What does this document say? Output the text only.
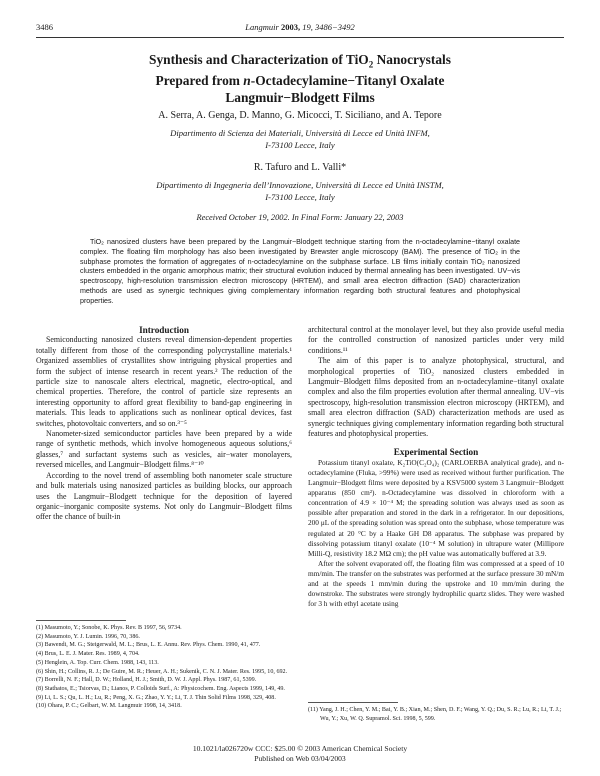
3486	Langmuir 2003, 19, 3486−3492
Synthesis and Characterization of TiO$_2$ Nanocrystals
Prepared from n-Octadecylamine−Titanyl Oxalate
Langmuir−Blodgett Films
A. Serra, A. Genga, D. Manno, G. Micocci, T. Siciliano, and A. Tepore
Dipartimento di Scienza dei Materiali, Università di Lecce ed Unità INFM,
I-73100 Lecce, Italy
R. Tafuro and L. Valli*
Dipartimento di Ingegneria dell’Innovazione, Università di Lecce ed Unità INSTM,
I-73100 Lecce, Italy
Received October 19, 2002. In Final Form: January 22, 2003
TiO₂ nanosized clusters have been prepared by the Langmuir−Blodgett technique starting from the n-octadecylamine−titanyl oxalate complex. The floating film morphology has also been investigated by Brewster angle microscopy (BAM). The presence of TiO₂ in the subphase promotes the formation of aggregates of n-octadecylamine on the subphase surface. LB films initially contain TiO₂ nanosized clusters embedded in the organic amorphous matrix; their structural evolution induced by thermal annealing has been investigated. UV−vis spectroscopy, high-resolution transmission electron microscopy (HRTEM), and small area electron diffraction (SAD) characterization methods are used as synergic techniques giving complementary information regarding both structural features and photophysical properties.

Introduction

Semiconducting nanosized clusters reveal dimension-dependent properties totally different from those of the corresponding polycrystalline materials.¹ Organized assemblies of crystallites show intriguing physical properties and form the subject of intense research in recent years.² The reduction of the particle size to nanoscale alters electrical, magnetic, electro-optical, and chemical properties. Therefore, the control of particle size represents an interesting opportunity to afford great flexibility to band-gap engineering in materials. This leads to applications such as nonlinear optical devices, fast switches, photovoltaic converters, and so on.³⁻⁵

Nanometer-sized semiconductor particles have been prepared by a wide range of synthetic methods, which involve homogeneous aqueous solutions,⁶ glasses,⁷ and surfactant systems such as vesicles, air−water monolayers, reversed micelles, and Langmuir−Blodgett films.⁸⁻¹⁰

According to the novel trend of assembling both nanometer scale structure and bulk materials using nanosized particles as building blocks, our approach uses the Langmuir−Blodgett technique for the deposition of layered organic−inorganic composite systems. Not only do Langmuir−Blodgett films offer the chance of built-in

architectural control at the monolayer level, but they also provide useful media for the controlled construction of nanosized particles under very mild conditions.¹¹

The aim of this paper is to analyze photophysical, structural, and morphological properties of TiO₂ nanosized clusters embedded in Langmuir−Blodgett films deposited from an n-octadecylamine−titanyl oxalate complex and also the film properties evolution after thermal annealing. UV−vis spectroscopy, high-resolution transmission electron microscopy (HRTEM), and small area electron diffraction (SAD) characterization methods are used as synergic techniques giving complementary information regarding both structural features and photophysical properties.

Experimental Section

Potassium titanyl oxalate, K₂TiO(C₂O₄)₂ (CARLOERBA analytical grade), and n-octadecylamine (Fluka, >99%) were used as received without further purification. The Langmuir−Blodgett films were deposited by a KSV5000 system 3 Langmuir−Blodgett apparatus (850 cm²). n-Octadecylamine was dissolved in chloroform with a concentration of 4.9 × 10⁻⁴ M; the spreading solution was always used as soon as possible after preparation and stored in the dark in a refrigerator. In our depositions, 200 μL of the spreading solution was spread onto the subphase, whose temperature was regulated at 20 °C by a Haake GH D8 apparatus. The subphase was prepared by dissolving potassium titanyl oxalate (10⁻⁴ M solution) in ultrapure water (Millipore Milli-Q, resistivity 18.2 MΩ cm); the pH value was automatically buffered at 3.9.

After the solvent evaporated off, the floating film was compressed at a speed of 10 mm/min. The transfer on the substrates was performed at the surface pressure 30 mN/m and at the speeds 1 mm/min during the upstroke and 10 mm/min during the downstroke. The substrates were strongly hydrophilic quartz slides. They were washed for 3 h with ethyl acetate using

(1) Masumoto, Y.; Sonobe, K. Phys. Rev. B 1997, 56, 9734.
(2) Masumoto, Y. J. Lumin. 1996, 70, 386.
(3) Bawendi, M. G.; Steigerwald, M. L.; Brus, L. E. Annu. Rev. Phys. Chem. 1990, 41, 477.
(4) Brus, L. E. J. Mater. Res. 1989, 4, 704.
(5) Henglein, A. Top. Curr. Chem. 1988, 143, 113.
(6) Shin, H.; Collins, R. J.; De Guire, M. R.; Heuer, A. H.; Sukenik, C. N. J. Mater. Res. 1995, 10, 692.
(7) Borrelli, N. F.; Hall, D. W.; Holland, H. J.; Smith, D. W. J. Appl. Phys. 1987, 61, 5399.
(8) Stathatos, E.; Tsiorvas, D.; Lianos, P. Colloids Surf., A: Physicochem. Eng. Aspects 1999, 149, 49.
(9) Li, L. S.; Qu, L. H.; Lu, R.; Peng, X. G.; Zhao, Y. Y.; Li, T. J. Thin Solid Films 1998, 329, 408.
(10) Ohara, P. C.; Gelbart, W. M. Langmuir 1998, 14, 3418.
(11) Yang, J. H.; Chen, Y. M.; Bai, Y. B.; Xian, M.; Shen, D. F.; Wang, Y. Q.; Du, S. R.; Lu, R.; Li, T. J.; Wu, Y.; Xu, W. Q. Supramol. Sci. 1998, 5, 599.
10.1021/la026720w CCC: $25.00 © 2003 American Chemical Society
Published on Web 03/04/2003
